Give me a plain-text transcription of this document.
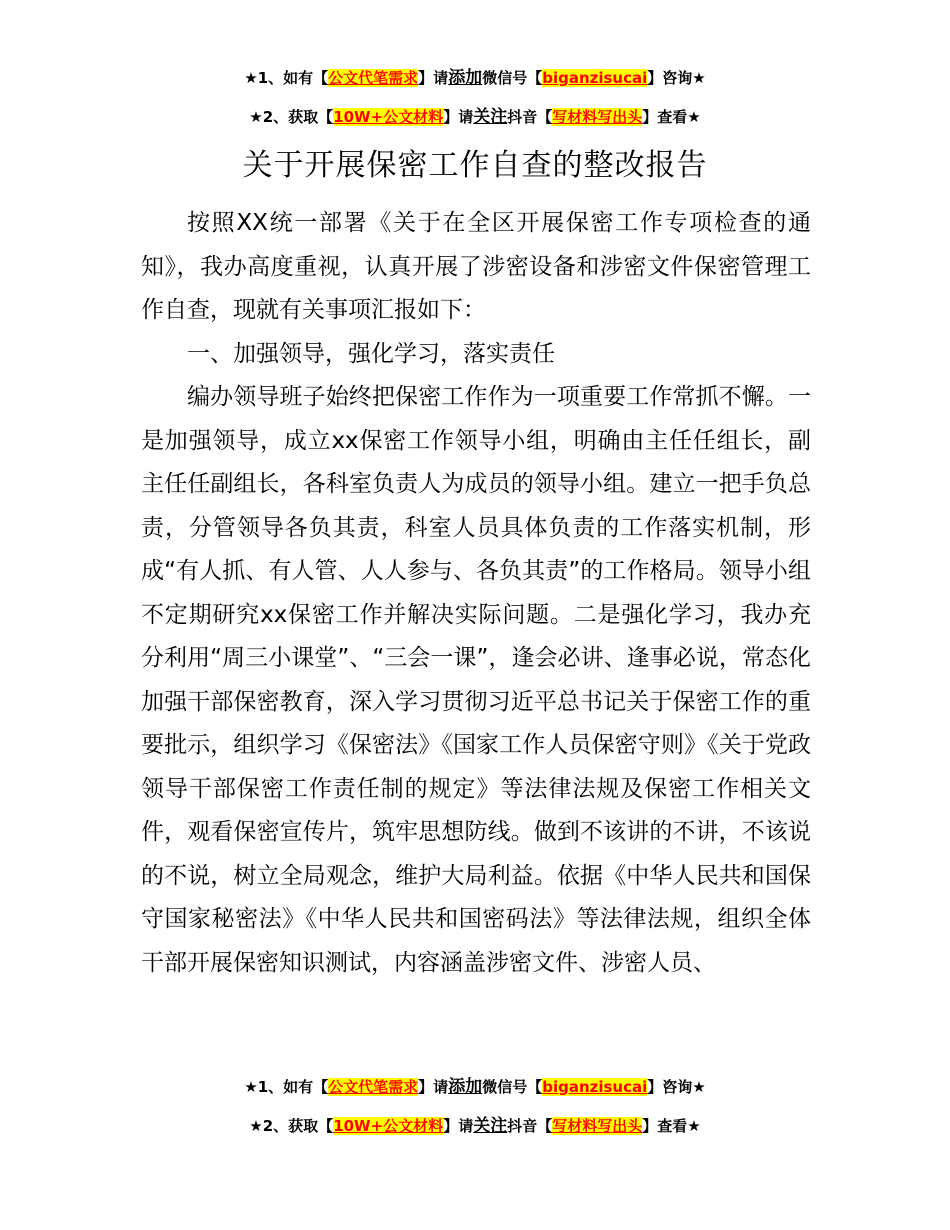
★1、如有【公文代笔需求】请添加微信号【biganzisucai】咨询★
★2、获取【10W+公文材料】请关注抖音【写材料写出头】查看★
关于开展保密工作自查的整改报告

按照XX统一部署《关于在全区开展保密工作专项检查的通知》，我办高度重视，认真开展了涉密设备和涉密文件保密管理工作自查，现就有关事项汇报如下：

一、加强领导，强化学习，落实责任

编办领导班子始终把保密工作作为一项重要工作常抓不懈。一是加强领导，成立xx保密工作领导小组，明确由主任任组长，副主任任副组长，各科室负责人为成员的领导小组。建立一把手负总责，分管领导各负其责，科室人员具体负责的工作落实机制，形成“有人抓、有人管、人人参与、各负其责”的工作格局。领导小组不定期研究xx保密工作并解决实际问题。二是强化学习，我办充分利用“周三小课堂”、“三会一课”，逢会必讲、逢事必说，常态化加强干部保密教育，深入学习贯彻习近平总书记关于保密工作的重要批示，组织学习《保密法》《国家工作人员保密守则》《关于党政领导干部保密工作责任制的规定》等法律法规及保密工作相关文件，观看保密宣传片，筑牢思想防线。做到不该讲的不讲，不该说的不说，树立全局观念，维护大局利益。依据《中华人民共和国保守国家秘密法》《中华人民共和国密码法》等法律法规，组织全体干部开展保密知识测试，内容涵盖涉密文件、涉密人员、

★1、如有【公文代笔需求】请添加微信号【biganzisucai】咨询★
★2、获取【10W+公文材料】请关注抖音【写材料写出头】查看★
